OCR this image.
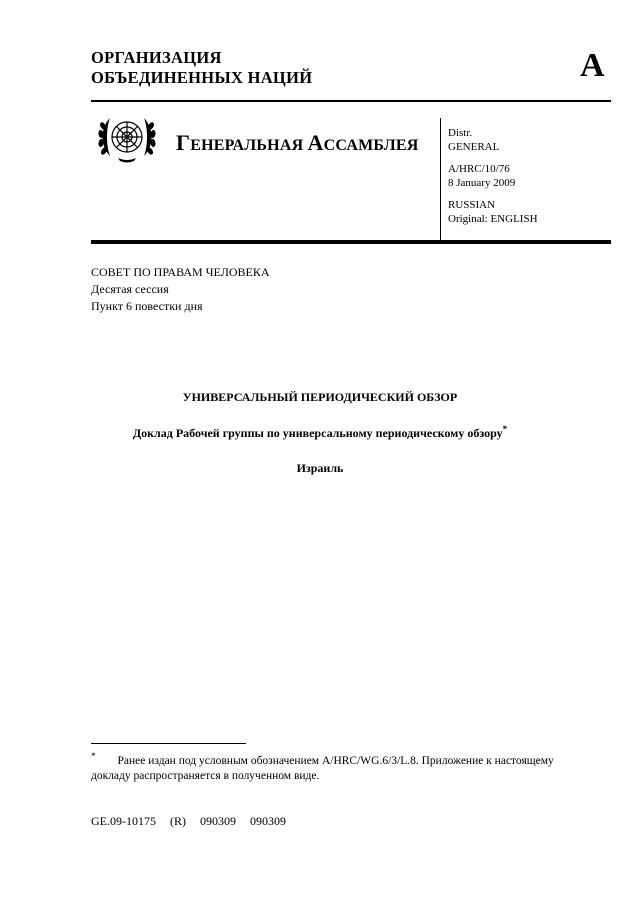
ОРГАНИЗАЦИЯ
ОБЪЕДИНЕННЫХ НАЦИЙ	A
ГЕНЕРАЛЬНАЯ АССАМБЛЕЯ
Distr.
GENERAL
A/HRC/10/76
8 January 2009
RUSSIAN
Original: ENGLISH
СОВЕТ ПО ПРАВАМ ЧЕЛОВЕКА
Десятая сессия
Пункт 6 повестки дня
УНИВЕРСАЛЬНЫЙ ПЕРИОДИЧЕСКИЙ ОБЗОР
Доклад Рабочей группы по универсальному периодическому обзору*
Израиль
* Ранее издан под условным обозначением A/HRC/WG.6/3/L.8. Приложение к настоящему докладу распространяется в полученном виде.
GE.09-10175 (R) 090309 090309
